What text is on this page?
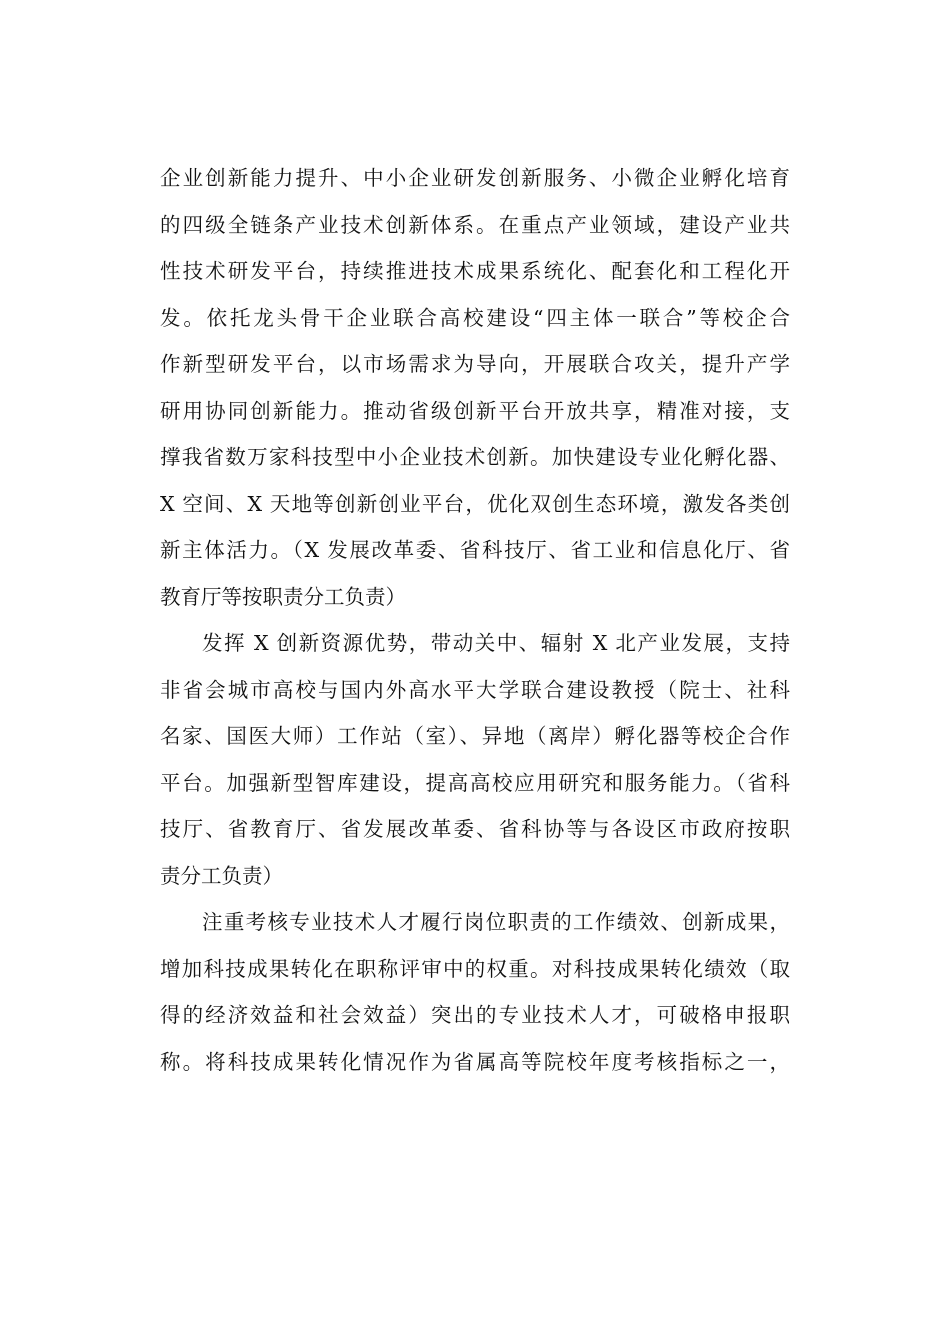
企业创新能力提升、中小企业研发创新服务、小微企业孵化培育
的四级全链条产业技术创新体系。在重点产业领域，建设产业共
性技术研发平台，持续推进技术成果系统化、配套化和工程化开
发。依托龙头骨干企业联合高校建设“四主体一联合”等校企合
作新型研发平台，以市场需求为导向，开展联合攻关，提升产学
研用协同创新能力。推动省级创新平台开放共享，精准对接，支
撑我省数万家科技型中小企业技术创新。加快建设专业化孵化器、
X 空间、X 天地等创新创业平台，优化双创生态环境，激发各类创
新主体活力。（X 发展改革委、省科技厅、省工业和信息化厅、省
教育厅等按职责分工负责）
发挥 X 创新资源优势，带动关中、辐射 X 北产业发展，支持
非省会城市高校与国内外高水平大学联合建设教授（院士、社科
名家、国医大师）工作站（室）、异地（离岸）孵化器等校企合作
平台。加强新型智库建设，提高高校应用研究和服务能力。（省科
技厅、省教育厅、省发展改革委、省科协等与各设区市政府按职
责分工负责）
注重考核专业技术人才履行岗位职责的工作绩效、创新成果，
增加科技成果转化在职称评审中的权重。对科技成果转化绩效（取
得的经济效益和社会效益）突出的专业技术人才，可破格申报职
称。将科技成果转化情况作为省属高等院校年度考核指标之一，
